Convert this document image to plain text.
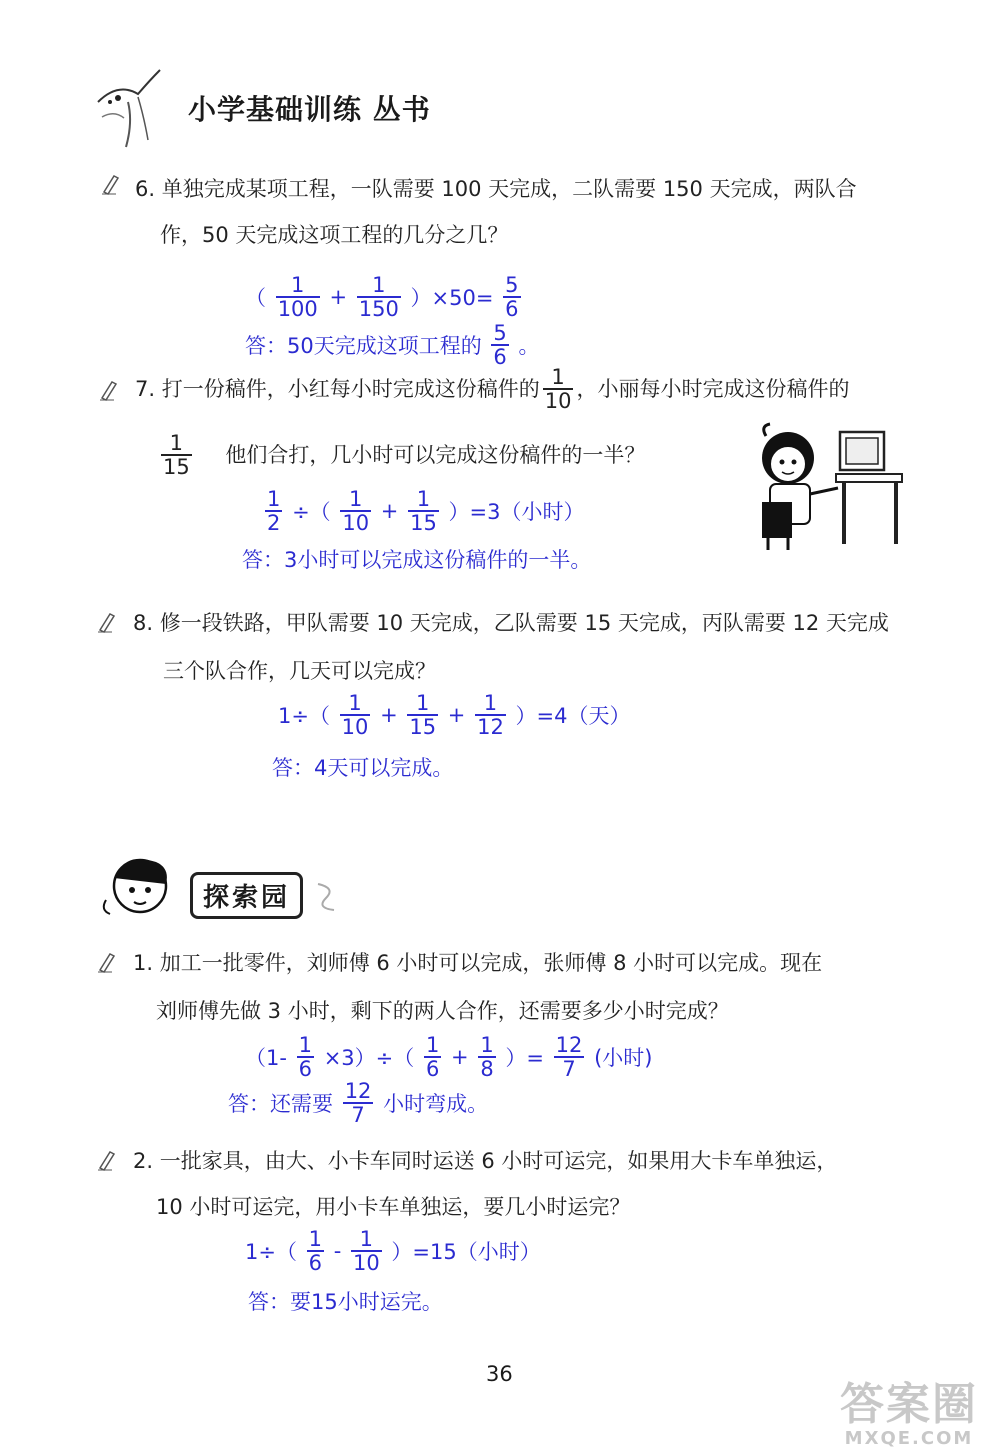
小学基础训练 丛书
6. 单独完成某项工程，一队需要 100 天完成，二队需要 150 天完成，两队合
作，50 天完成这项工程的几分之几？
（ $\frac{1}{100} + \frac{1}{150} )\times 50= \frac{5}{6}$
答：50天完成这项工程的 $\frac{5}{6}$ 。
7. 打一份稿件，小红每小时完成这份稿件的 $\frac{1}{10}$ ，小丽每小时完成这份稿件的
$\frac{1}{15}$ 他们合打，几小时可以完成这份稿件的一半？
$\frac{1}{2}$ ÷（ $\frac{1}{10} + \frac{1}{15} )=3$（小时）
答：3小时可以完成这份稿件的一半。
8. 修一段铁路，甲队需要 10 天完成，乙队需要 15 天完成，丙队需要 12 天完成
三个队合作，几天可以完成？
$1\div( \frac{1}{10} + \frac{1}{15} + \frac{1}{12} )=4$（天）
答：4天可以完成。
探索园
1. 加工一批零件，刘师傅 6 小时可以完成，张师傅 8 小时可以完成。现在
刘师傅先做 3 小时，剩下的两人合作，还需要多少小时完成？
$(1- \frac{1}{6} \times 3)\div( \frac{1}{6} + \frac{1}{8}$ ）= $\frac{12}{7}$ (小时)
答：还需要 $\frac{12}{7}$ 小时弯成。
2. 一批家具，由大、小卡车同时运送 6 小时可运完，如果用大卡车单独运，
10 小时可运完，用小卡车单独运，要几小时运完？
$1\div( \frac{1}{6} - \frac{1}{10} )=15$（小时）
答：要15小时运完。
36
答案圈
MXQE.COM
